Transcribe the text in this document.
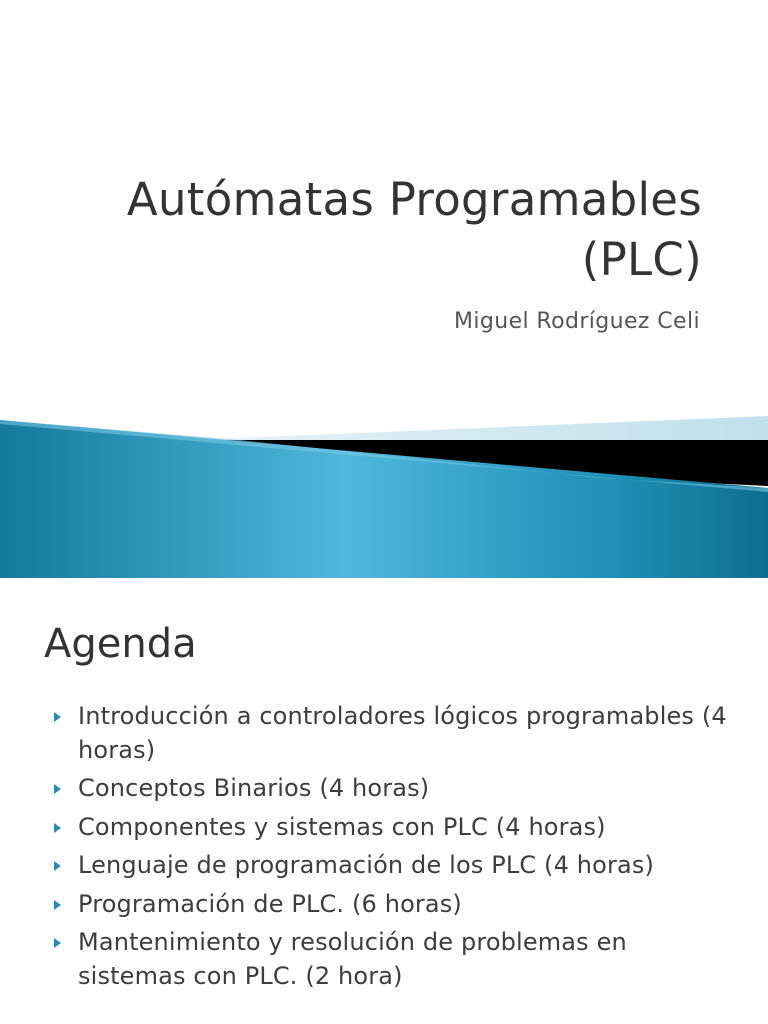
Autómatas Programables
(PLC)
Miguel Rodríguez Celi
Agenda
Introducción a controladores lógicos programables (4 horas)
Conceptos Binarios (4 horas)
Componentes y sistemas con PLC (4 horas)
Lenguaje de programación de los PLC (4 horas)
Programación de PLC. (6 horas)
Mantenimiento y resolución de problemas en sistemas con PLC. (2 hora)
